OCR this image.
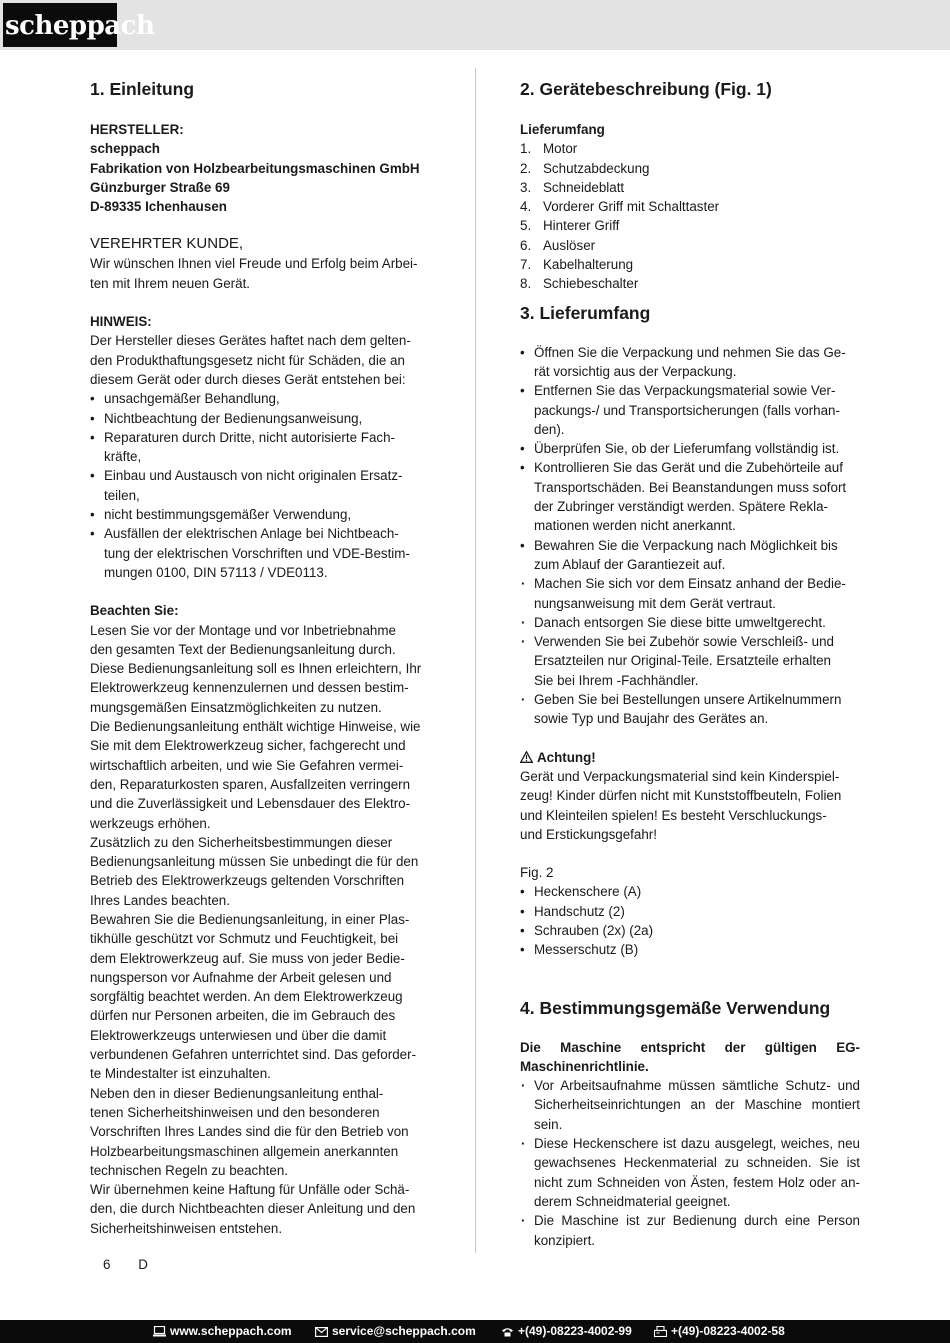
scheppach
1. Einleitung
HERSTELLER:
scheppach
Fabrikation von Holzbearbeitungsmaschinen GmbH
Günzburger Straße 69
D-89335 Ichenhausen
VEREHRTER KUNDE,
Wir wünschen Ihnen viel Freude und Erfolg beim Arbei-
ten mit Ihrem neuen Gerät.
HINWEIS:
Der Hersteller dieses Gerätes haftet nach dem gelten-
den Produkthaftungsgesetz nicht für Schäden, die an
diesem Gerät oder durch dieses Gerät entstehen bei:
• unsachgemäßer Behandlung,
• Nichtbeachtung der Bedienungsanweisung,
• Reparaturen durch Dritte, nicht autorisierte Fach-
kräfte,
• Einbau und Austausch von nicht originalen Ersatz-
teilen,
• nicht bestimmungsgemäßer Verwendung,
• Ausfällen der elektrischen Anlage bei Nichtbeach-
tung der elektrischen Vorschriften und VDE-Bestim-
mungen 0100, DIN 57113 / VDE0113.
Beachten Sie:
Lesen Sie vor der Montage und vor Inbetriebnahme
den gesamten Text der Bedienungsanleitung durch.
Diese Bedienungsanleitung soll es Ihnen erleichtern, Ihr
Elektrowerkzeug kennenzulernen und dessen bestim-
mungsgemäßen Einsatzmöglichkeiten zu nutzen.
Die Bedienungsanleitung enthält wichtige Hinweise, wie
Sie mit dem Elektrowerkzeug sicher, fachgerecht und
wirtschaftlich arbeiten, und wie Sie Gefahren vermei-
den, Reparaturkosten sparen, Ausfallzeiten verringern
und die Zuverlässigkeit und Lebensdauer des Elektro-
werkzeugs erhöhen.
Zusätzlich zu den Sicherheitsbestimmungen dieser
Bedienungsanleitung müssen Sie unbedingt die für den
Betrieb des Elektrowerkzeugs geltenden Vorschriften
Ihres Landes beachten.
Bewahren Sie die Bedienungsanleitung, in einer Plas-
tikhülle geschützt vor Schmutz und Feuchtigkeit, bei
dem Elektrowerkzeug auf. Sie muss von jeder Bedie-
nungsperson vor Aufnahme der Arbeit gelesen und
sorgfältig beachtet werden. An dem Elektrowerkzeug
dürfen nur Personen arbeiten, die im Gebrauch des
Elektrowerkzeugs unterwiesen und über die damit
verbundenen Gefahren unterrichtet sind. Das geforder-
te Mindestalter ist einzuhalten.
Neben den in dieser Bedienungsanleitung enthal-
tenen Sicherheitshinweisen und den besonderen
Vorschriften Ihres Landes sind die für den Betrieb von
Holzbearbeitungsmaschinen allgemein anerkannten
technischen Regeln zu beachten.
Wir übernehmen keine Haftung für Unfälle oder Schä-
den, die durch Nichtbeachten dieser Anleitung und den
Sicherheitshinweisen entstehen.
2. Gerätebeschreibung (Fig. 1)
Lieferumfang
1. Motor
2. Schutzabdeckung
3. Schneideblatt
4. Vorderer Griff mit Schalttaster
5. Hinterer Griff
6. Auslöser
7. Kabelhalterung
8. Schiebeschalter
3. Lieferumfang
• Öffnen Sie die Verpackung und nehmen Sie das Ge-
rät vorsichtig aus der Verpackung.
• Entfernen Sie das Verpackungsmaterial sowie Ver-
packungs-/ und Transportsicherungen (falls vorhan-
den).
• Überprüfen Sie, ob der Lieferumfang vollständig ist.
• Kontrollieren Sie das Gerät und die Zubehörteile auf
Transportschäden. Bei Beanstandungen muss sofort
der Zubringer verständigt werden. Spätere Rekla-
mationen werden nicht anerkannt.
• Bewahren Sie die Verpackung nach Möglichkeit bis
zum Ablauf der Garantiezeit auf.
· Machen Sie sich vor dem Einsatz anhand der Bedie-
nungsanweisung mit dem Gerät vertraut.
· Danach entsorgen Sie diese bitte umweltgerecht.
· Verwenden Sie bei Zubehör sowie Verschleiß- und
Ersatzteilen nur Original-Teile. Ersatzteile erhalten
Sie bei Ihrem -Fachhändler.
· Geben Sie bei Bestellungen unsere Artikelnummern
sowie Typ und Baujahr des Gerätes an.
Achtung!
Gerät und Verpackungsmaterial sind kein Kinderspiel-
zeug! Kinder dürfen nicht mit Kunststoffbeuteln, Folien
und Kleinteilen spielen! Es besteht Verschluckungs-
und Erstickungsgefahr!
Fig. 2
• Heckenschere (A)
• Handschutz (2)
• Schrauben (2x) (2a)
• Messerschutz (B)
4. Bestimmungsgemäße Verwendung
Die Maschine entspricht der gültigen EG-
Maschinenrichtlinie.
· Vor Arbeitsaufnahme müssen sämtliche Schutz- und
Sicherheitseinrichtungen an der Maschine montiert
sein.
· Diese Heckenschere ist dazu ausgelegt, weiches, neu
gewachsenes Heckenmaterial zu schneiden. Sie ist
nicht zum Schneiden von Ästen, festem Holz oder an-
derem Schneidmaterial geeignet.
· Die Maschine ist zur Bedienung durch eine Person
konzipiert.
6 D
www.scheppach.com	service@scheppach.com	+(49)-08223-4002-99	+(49)-08223-4002-58
